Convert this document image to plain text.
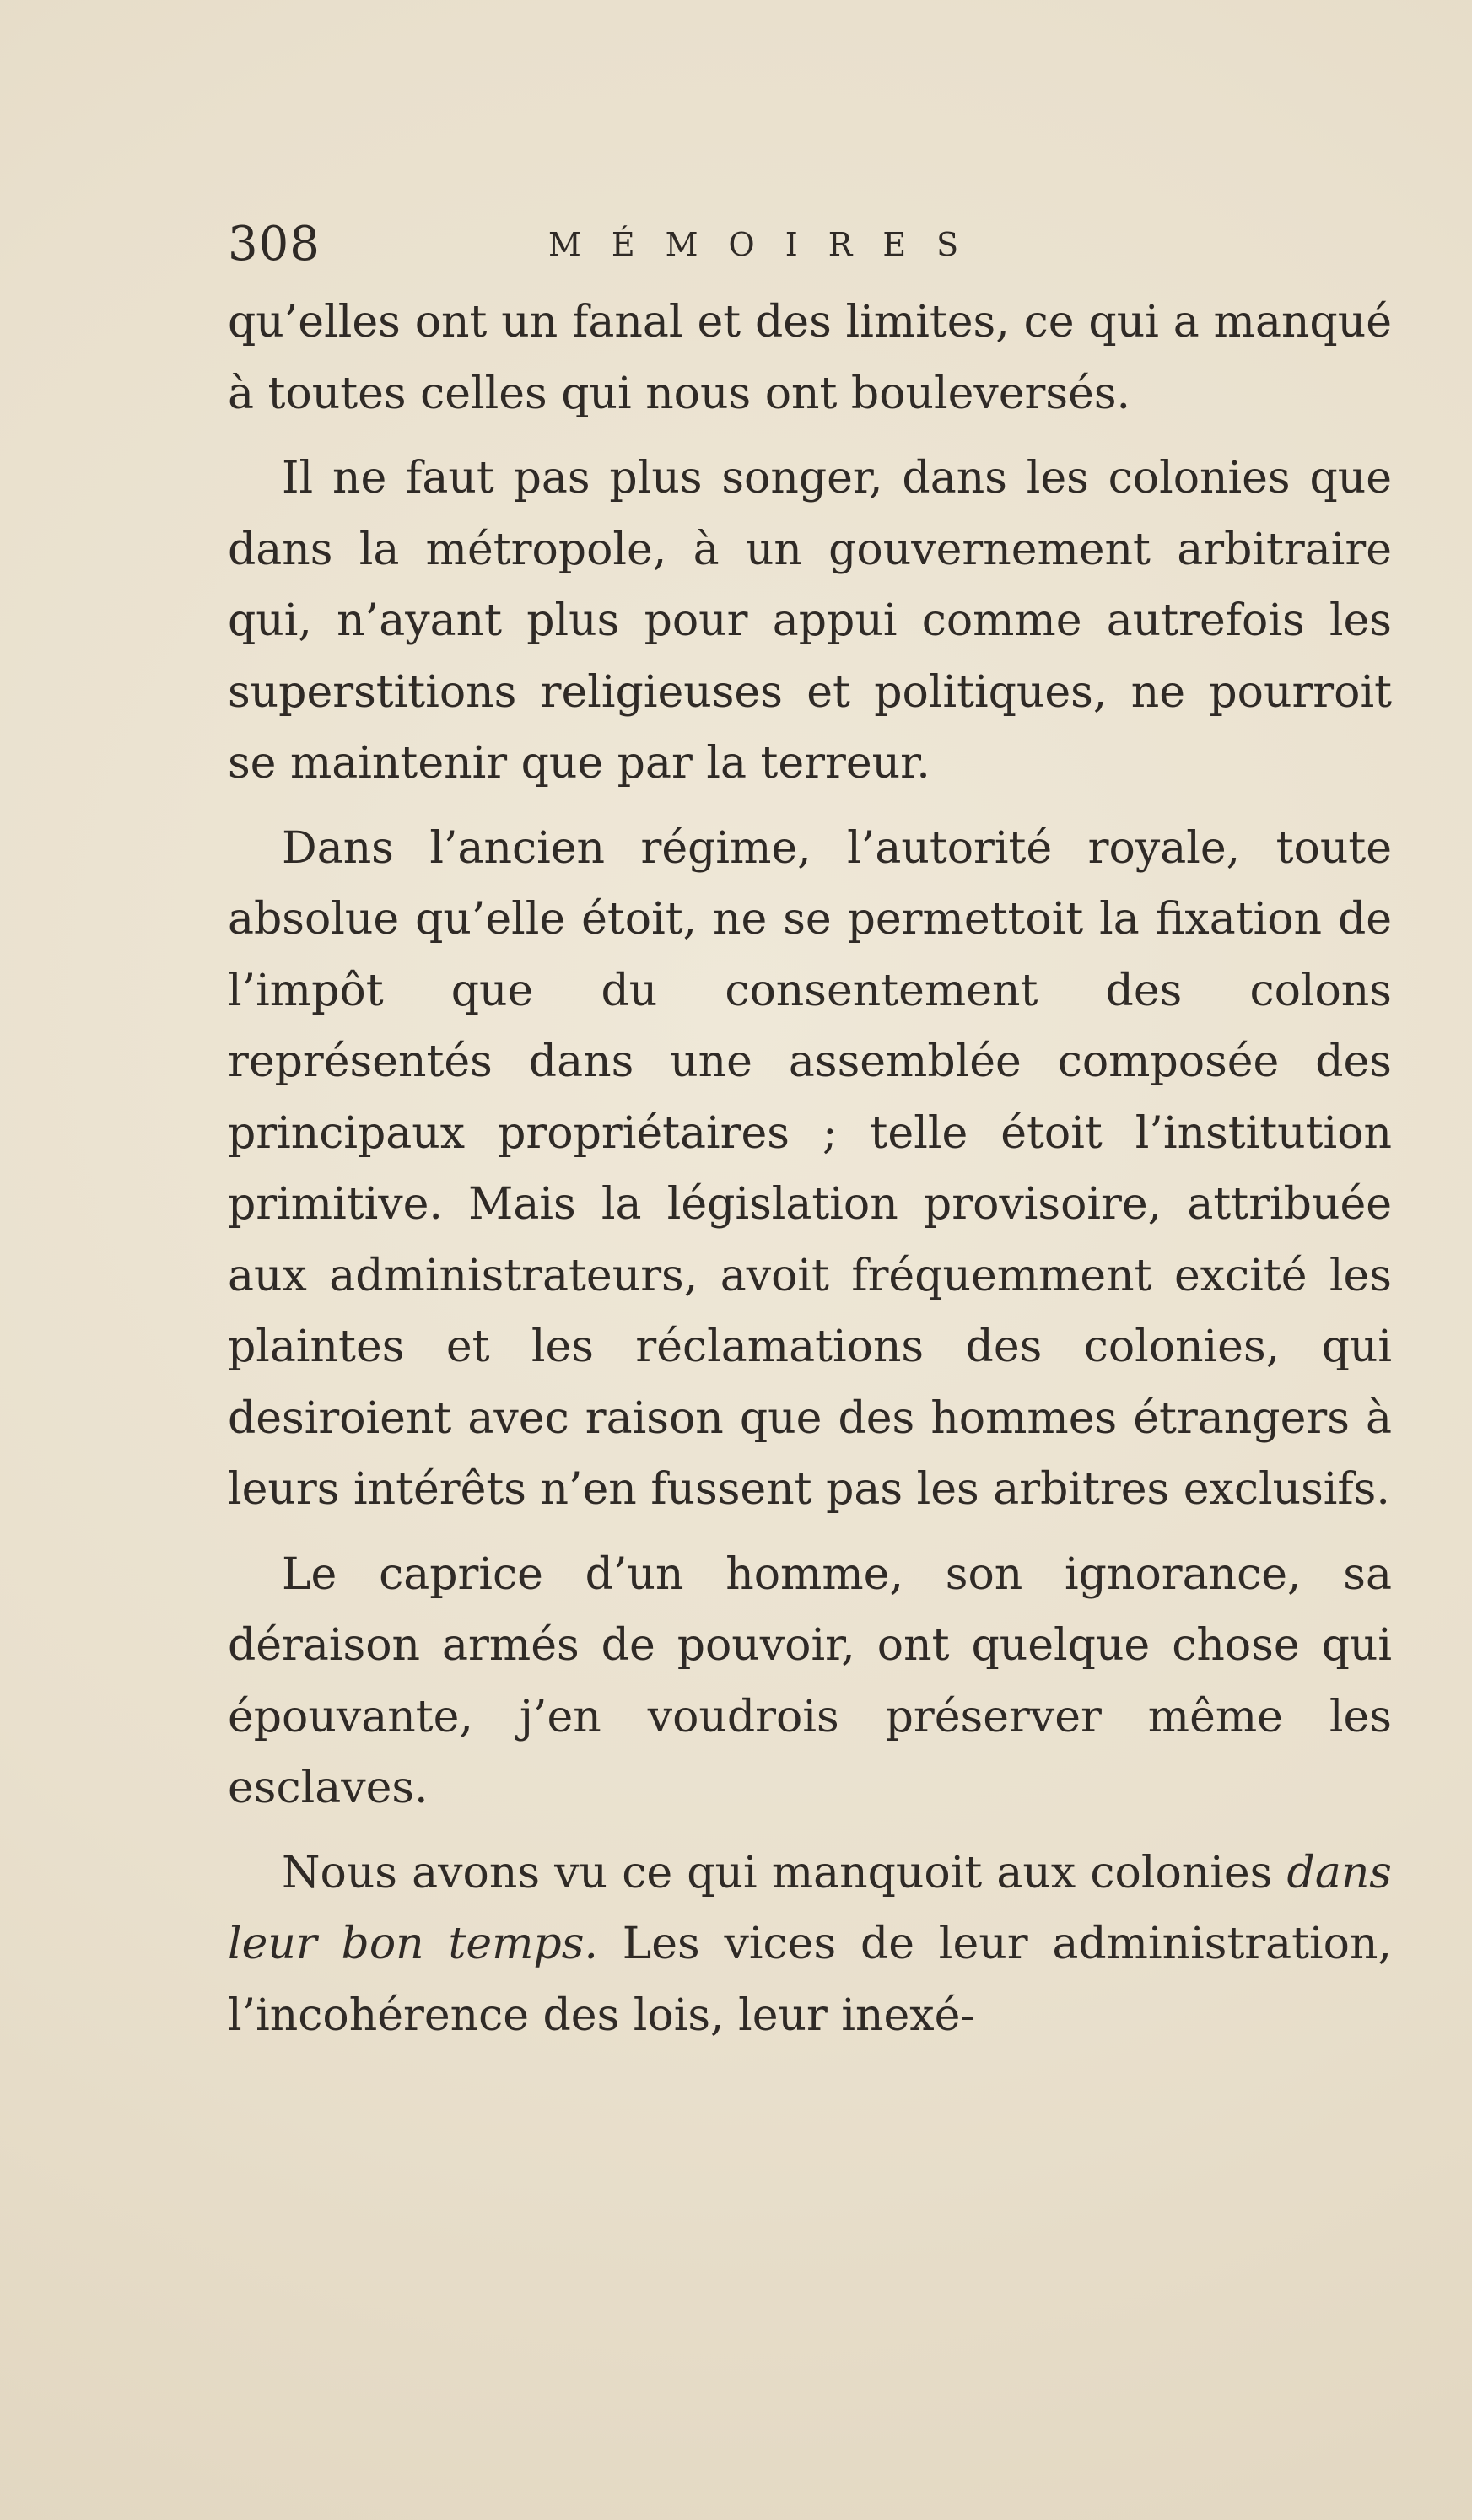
308	MÉMOIRES

qu’elles ont un fanal et des limites, ce qui a manqué à toutes celles qui nous ont bouleversés.

Il ne faut pas plus songer, dans les colonies que dans la métropole, à un gouvernement arbitraire qui, n’ayant plus pour appui comme autrefois les superstitions religieuses et politiques, ne pourroit se maintenir que par la terreur.

Dans l’ancien régime, l’autorité royale, toute absolue qu’elle étoit, ne se permettoit la fixation de l’impôt que du consentement des colons représentés dans une assemblée composée des principaux propriétaires ; telle étoit l’institution primitive. Mais la législation provisoire, attribuée aux administrateurs, avoit fréquemment excité les plaintes et les réclamations des colonies, qui desiroient avec raison que des hommes étrangers à leurs intérêts n’en fussent pas les arbitres exclusifs.

Le caprice d’un homme, son ignorance, sa déraison armés de pouvoir, ont quelque chose qui épouvante, j’en voudrois préserver même les esclaves.

Nous avons vu ce qui manquoit aux colonies dans leur bon temps. Les vices de leur administration, l’incohérence des lois, leur inexé-
